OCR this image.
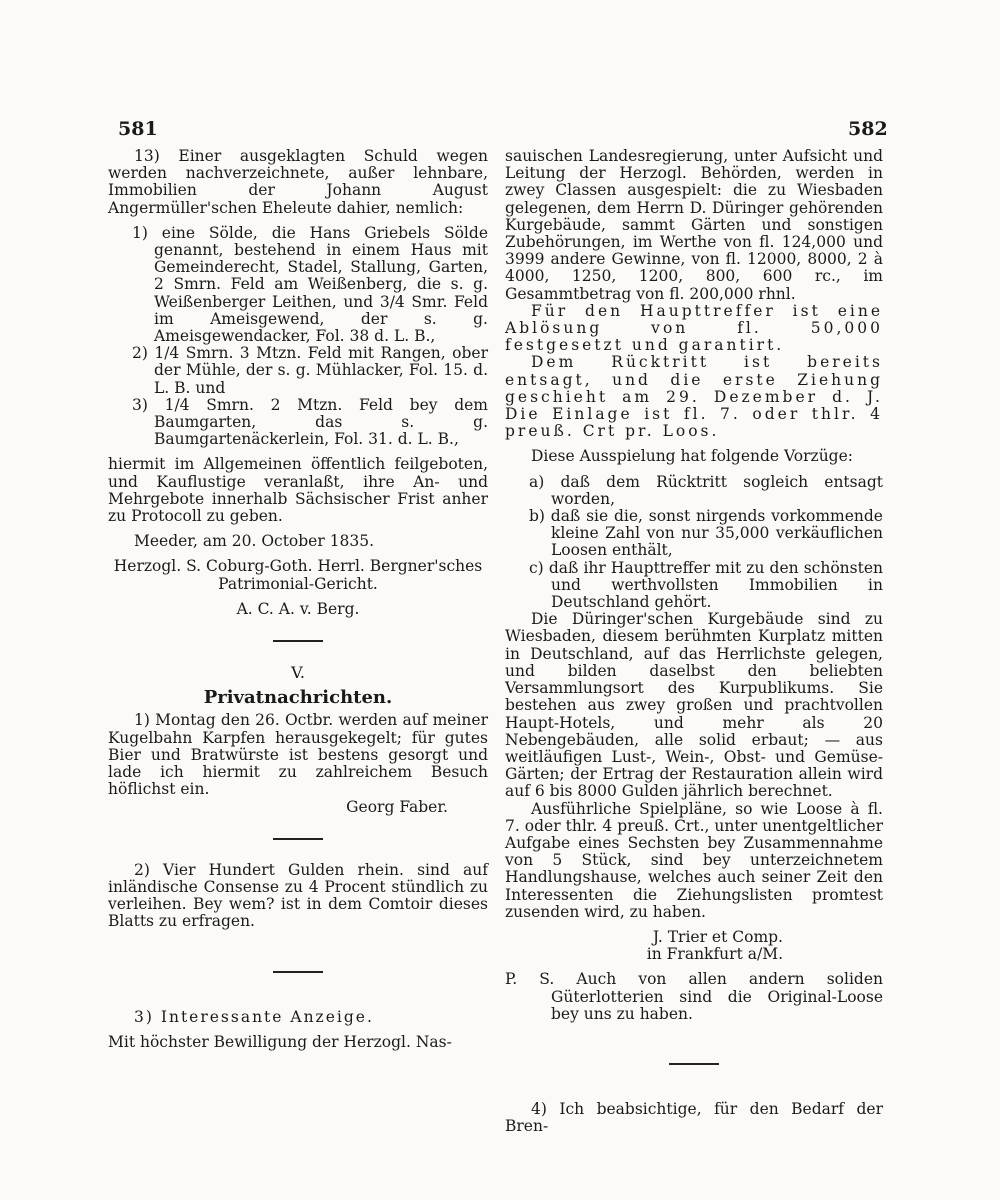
581	582

13) Einer ausgeklagten Schuld wegen werden nachverzeichnete, außer lehnbare, Immobilien der Johann August Angermüller'schen Eheleute dahier, nemlich:

1) eine Sölde, die Hans Griebels Sölde genannt, bestehend in einem Haus mit Gemeinderecht, Stadel, Stallung, Garten, 2 Smrn. Feld am Weißenberg, die s. g. Weißenberger Leithen, und 3/4 Smr. Feld im Ameisgewend, der s. g. Ameisgewendacker, Fol. 38 d. L. B.,

2) 1/4 Smrn. 3 Mtzn. Feld mit Rangen, ober der Mühle, der s. g. Mühlacker, Fol. 15. d. L. B. und

3) 1/4 Smrn. 2 Mtzn. Feld bey dem Baumgarten, das s. g. Baumgartenäckerlein, Fol. 31. d. L. B.,

hiermit im Allgemeinen öffentlich feilgeboten, und Kauflustige veranlaßt, ihre An- und Mehrgebote innerhalb Sächsischer Frist anher zu Protocoll zu geben.

Meeder, am 20. October 1835.

Herzogl. S. Coburg-Goth. Herrl. Bergner'sches Patrimonial-Gericht.

A. C. A. v. Berg.

V.

Privatnachrichten.

1) Montag den 26. Octbr. werden auf meiner Kugelbahn Karpfen herausgekegelt; für gutes Bier und Bratwürste ist bestens gesorgt und lade ich hiermit zu zahlreichem Besuch höflichst ein.

Georg Faber.

2) Vier Hundert Gulden rhein. sind auf inländische Consense zu 4 Procent stündlich zu verleihen. Bey wem? ist in dem Comtoir dieses Blatts zu erfragen.

3) Interessante Anzeige.

Mit höchster Bewilligung der Herzogl. Nas-

sauischen Landesregierung, unter Aufsicht und Leitung der Herzogl. Behörden, werden in zwey Classen ausgespielt: die zu Wiesbaden gelegenen, dem Herrn D. Düringer gehörenden Kurgebäude, sammt Gärten und sonstigen Zubehörungen, im Werthe von fl. 124,000 und 3999 andere Gewinne, von fl. 12000, 8000, 2 à 4000, 1250, 1200, 800, 600 rc., im Gesammtbetrag von fl. 200,000 rhnl.

Für den Haupttreffer ist eine Ablösung von fl. 50,000 festgesetzt und garantirt.

Dem Rücktritt ist bereits entsagt, und die erste Ziehung geschieht am 29. Dezember d. J. Die Einlage ist fl. 7. oder thlr. 4 preuß. Crt pr. Loos.

Diese Ausspielung hat folgende Vorzüge:

a) daß dem Rücktritt sogleich entsagt worden,

b) daß sie die, sonst nirgends vorkommende kleine Zahl von nur 35,000 verkäuflichen Loosen enthält,

c) daß ihr Haupttreffer mit zu den schönsten und werthvollsten Immobilien in Deutschland gehört.

Die Düringer'schen Kurgebäude sind zu Wiesbaden, diesem berühmten Kurplatz mitten in Deutschland, auf das Herrlichste gelegen, und bilden daselbst den beliebten Versammlungsort des Kurpublikums. Sie bestehen aus zwey großen und prachtvollen Haupt-Hotels, und mehr als 20 Nebengebäuden, alle solid erbaut; — aus weitläufigen Lust-, Wein-, Obst- und Gemüse-Gärten; der Ertrag der Restauration allein wird auf 6 bis 8000 Gulden jährlich berechnet.

Ausführliche Spielpläne, so wie Loose à fl. 7. oder thlr. 4 preuß. Crt., unter unentgeltlicher Aufgabe eines Sechsten bey Zusammennahme von 5 Stück, sind bey unterzeichnetem Handlungshause, welches auch seiner Zeit den Interessenten die Ziehungslisten promtest zusenden wird, zu haben.

J. Trier et Comp.

in Frankfurt a/M.

P. S. Auch von allen andern soliden Güterlotterien sind die Original-Loose bey uns zu haben.

4) Ich beabsichtige, für den Bedarf der Bren-
